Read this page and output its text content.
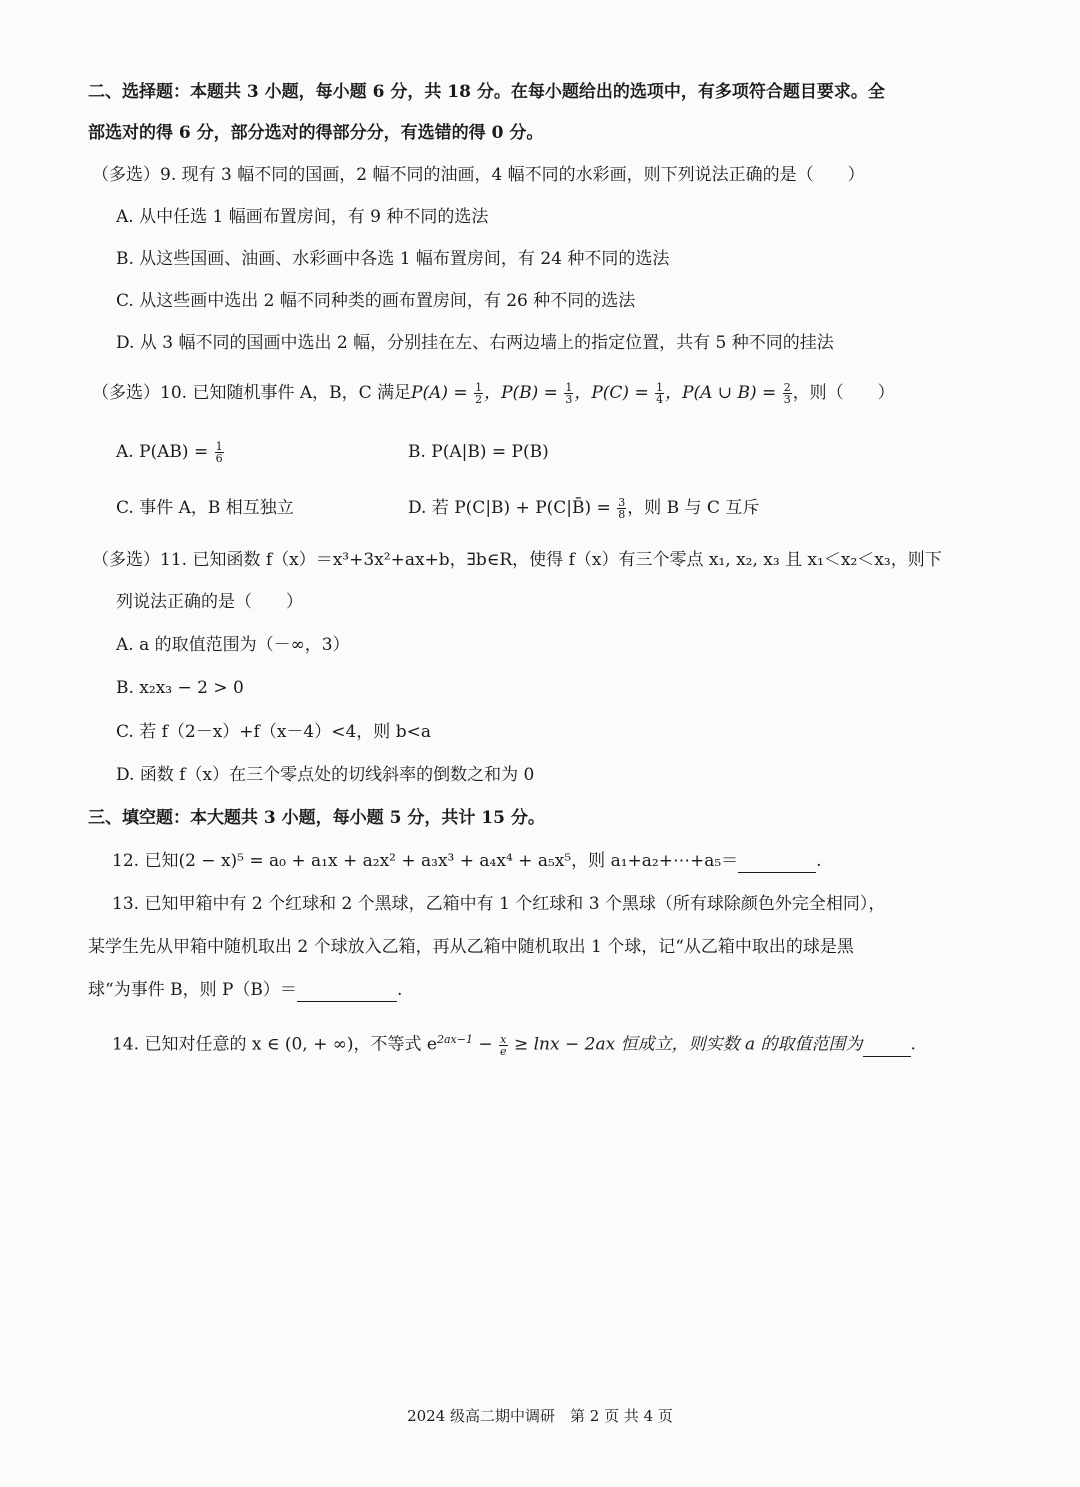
二、选择题：本题共 3 小题，每小题 6 分，共 18 分。在每小题给出的选项中，有多项符合题目要求。全
部选对的得 6 分，部分选对的得部分分，有选错的得 0 分。
（多选）9. 现有 3 幅不同的国画，2 幅不同的油画，4 幅不同的水彩画，则下列说法正确的是（　　）
A. 从中任选 1 幅画布置房间，有 9 种不同的选法
B. 从这些国画、油画、水彩画中各选 1 幅布置房间，有 24 种不同的选法
C. 从这些画中选出 2 幅不同种类的画布置房间，有 26 种不同的选法
D. 从 3 幅不同的国画中选出 2 幅，分别挂在左、右两边墙上的指定位置，共有 5 种不同的挂法
（多选）10. 已知随机事件 A，B，C 满足$P(A) = \frac{1}{2}$ ，$P(B) = \frac{1}{3}$ ，$P(C) = \frac{1}{4}$ ，P(A ∪ $B) = \frac{2}{3}$ ，则（　　）
A. $P(AB) = \frac{1}{6}$	B. P(A|B) = P(B)
C. 事件 A，B 相互独立	D. 若 P(C|B) + P(C|B̄) = $\frac{3}{8}$ ，则 B 与 C 互斥
（多选）11. 已知函数 f（x）＝x³+3x²+ax+b，∃b∈R，使得 f（x）有三个零点 x₁, x₂, x₃ 且 x₁＜x₂＜x₃，则下
列说法正确的是（　　）
A. a 的取值范围为（－∞，3）
B. x₂x₃ − 2 > 0
C. 若 f（2－x）+f（x－4）<4，则 b<a
D. 函数 f（x）在三个零点处的切线斜率的倒数之和为 0
三、填空题：本大题共 3 小题，每小题 5 分，共计 15 分。
12. 已知(2 − x)⁵ = a₀ + a₁x + a₂x² + a₃x³ + a₄x⁴ + a₅x⁵，则 a₁+a₂+⋯+a₅＝	.
13. 已知甲箱中有 2 个红球和 2 个黑球，乙箱中有 1 个红球和 3 个黑球（所有球除颜色外完全相同），
某学生先从甲箱中随机取出 2 个球放入乙箱，再从乙箱中随机取出 1 个球，记“从乙箱中取出的球是黑
球“为事件 B，则 P（B）＝	.
14. 已知对任意的 x ∈ (0, + ∞)，不等式 $e^{2ax-1} - \frac{x}{e} \ge \ln x - 2ax$ 恒成立，则实数 a 的取值范围为	.
2024 级高二期中调研　第 2 页 共 4 页
